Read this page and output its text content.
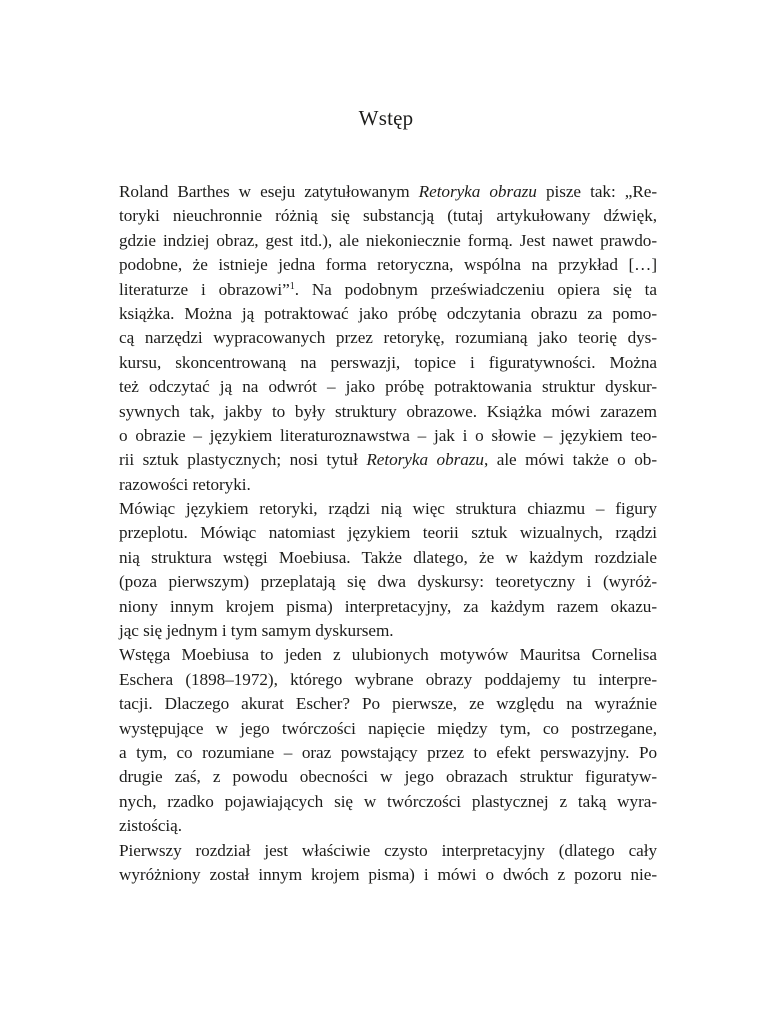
Wstęp
Roland Barthes w eseju zatytułowanym Retoryka obrazu pisze tak: „Re-
toryki nieuchronnie różnią się substancją (tutaj artykułowany dźwięk,
gdzie indziej obraz, gest itd.), ale niekoniecznie formą. Jest nawet prawdo-
podobne, że istnieje jedna forma retoryczna, wspólna na przykład […]
literaturze i obrazowi”$^1$. Na podobnym przeświadczeniu opiera się ta
książka. Można ją potraktować jako próbę odczytania obrazu za pomo-
cą narzędzi wypracowanych przez retorykę, rozumianą jako teorię dys-
kursu, skoncentrowaną na perswazji, topice i figuratywności. Można
też odczytać ją na odwrót – jako próbę potraktowania struktur dyskur-
sywnych tak, jakby to były struktury obrazowe. Książka mówi zarazem
o obrazie – językiem literaturoznawstwa – jak i o słowie – językiem teo-
rii sztuk plastycznych; nosi tytuł Retoryka obrazu, ale mówi także o ob-
razowości retoryki.
Mówiąc językiem retoryki, rządzi nią więc struktura chiazmu – figury
przeplotu. Mówiąc natomiast językiem teorii sztuk wizualnych, rządzi
nią struktura wstęgi Moebiusa. Także dlatego, że w każdym rozdziale
(poza pierwszym) przeplatają się dwa dyskursy: teoretyczny i (wyróż-
niony innym krojem pisma) interpretacyjny, za każdym razem okazu-
jąc się jednym i tym samym dyskursem.
Wstęga Moebiusa to jeden z ulubionych motywów Mauritsa Cornelisa
Eschera (1898–1972), którego wybrane obrazy poddajemy tu interpre-
tacji. Dlaczego akurat Escher? Po pierwsze, ze względu na wyraźnie
występujące w jego twórczości napięcie między tym, co postrzegane,
a tym, co rozumiane – oraz powstający przez to efekt perswazyjny. Po
drugie zaś, z powodu obecności w jego obrazach struktur figuratyw-
nych, rzadko pojawiających się w twórczości plastycznej z taką wyra-
zistością.
Pierwszy rozdział jest właściwie czysto interpretacyjny (dlatego cały
wyróżniony został innym krojem pisma) i mówi o dwóch z pozoru nie-
